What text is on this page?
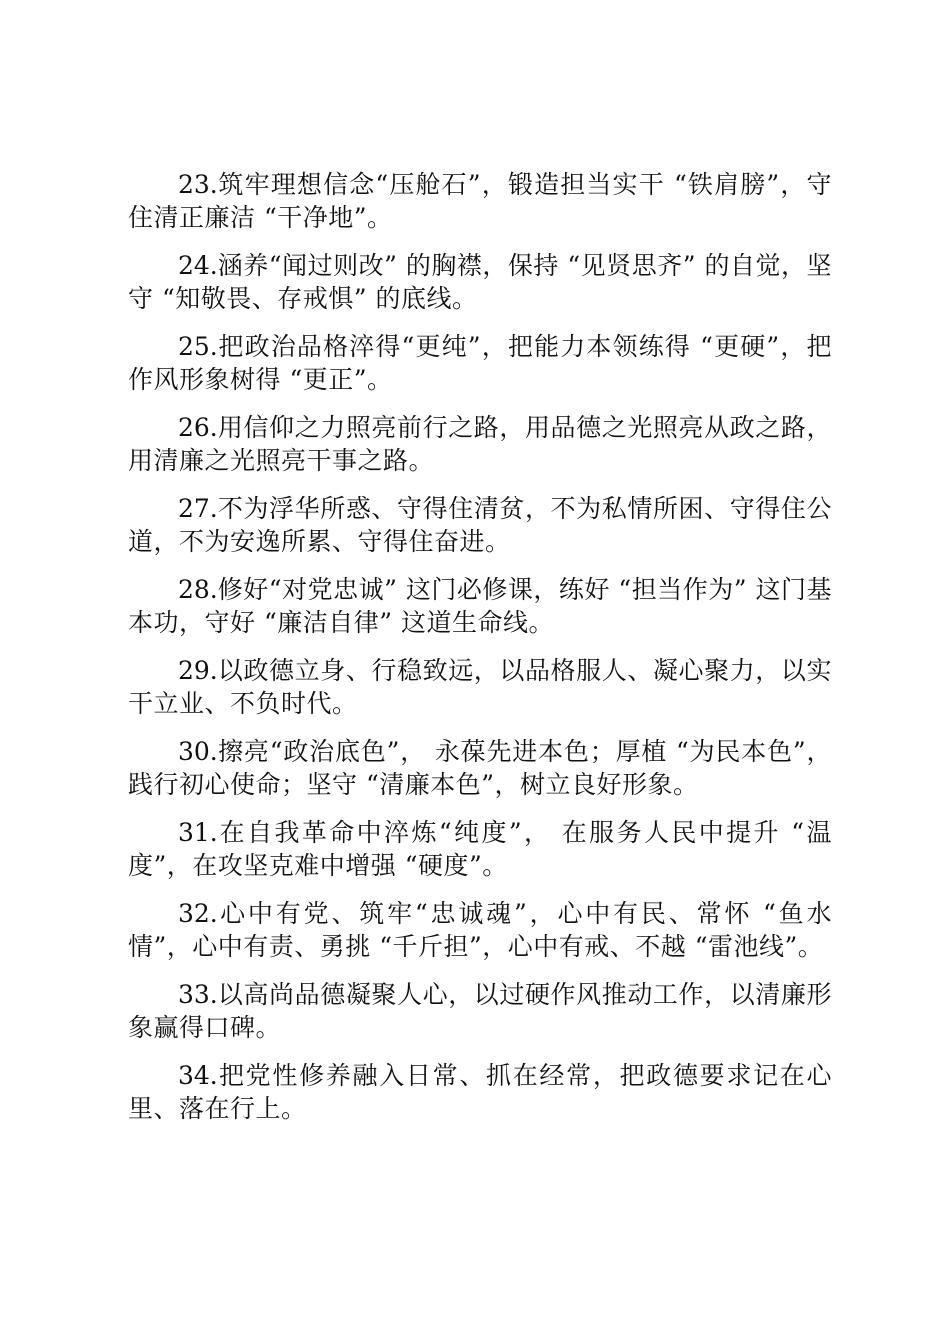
23.筑牢理想信念“压舱石”，锻造担当实干 “铁肩膀”，守住清正廉洁 “干净地”。

24.涵养“闻过则改” 的胸襟，保持 “见贤思齐” 的自觉，坚守 “知敬畏、存戒惧” 的底线。

25.把政治品格淬得“更纯”，把能力本领练得 “更硬”，把作风形象树得 “更正”。

26.用信仰之力照亮前行之路，用品德之光照亮从政之路，用清廉之光照亮干事之路。

27.不为浮华所惑、守得住清贫，不为私情所困、守得住公道，不为安逸所累、守得住奋进。

28.修好“对党忠诚” 这门必修课，练好 “担当作为” 这门基本功，守好 “廉洁自律” 这道生命线。

29.以政德立身、行稳致远，以品格服人、凝心聚力，以实干立业、不负时代。

30.擦亮“政治底色”， 永葆先进本色；厚植 “为民本色”，践行初心使命；坚守 “清廉本色”，树立良好形象。

31.在自我革命中淬炼“纯度”， 在服务人民中提升 “温度”，在攻坚克难中增强 “硬度”。

32.心中有党、筑牢“忠诚魂”，心中有民、常怀 “鱼水情”，心中有责、勇挑 “千斤担”，心中有戒、不越 “雷池线”。

33.以高尚品德凝聚人心，以过硬作风推动工作，以清廉形象赢得口碑。

34.把党性修养融入日常、抓在经常，把政德要求记在心里、落在行上。
